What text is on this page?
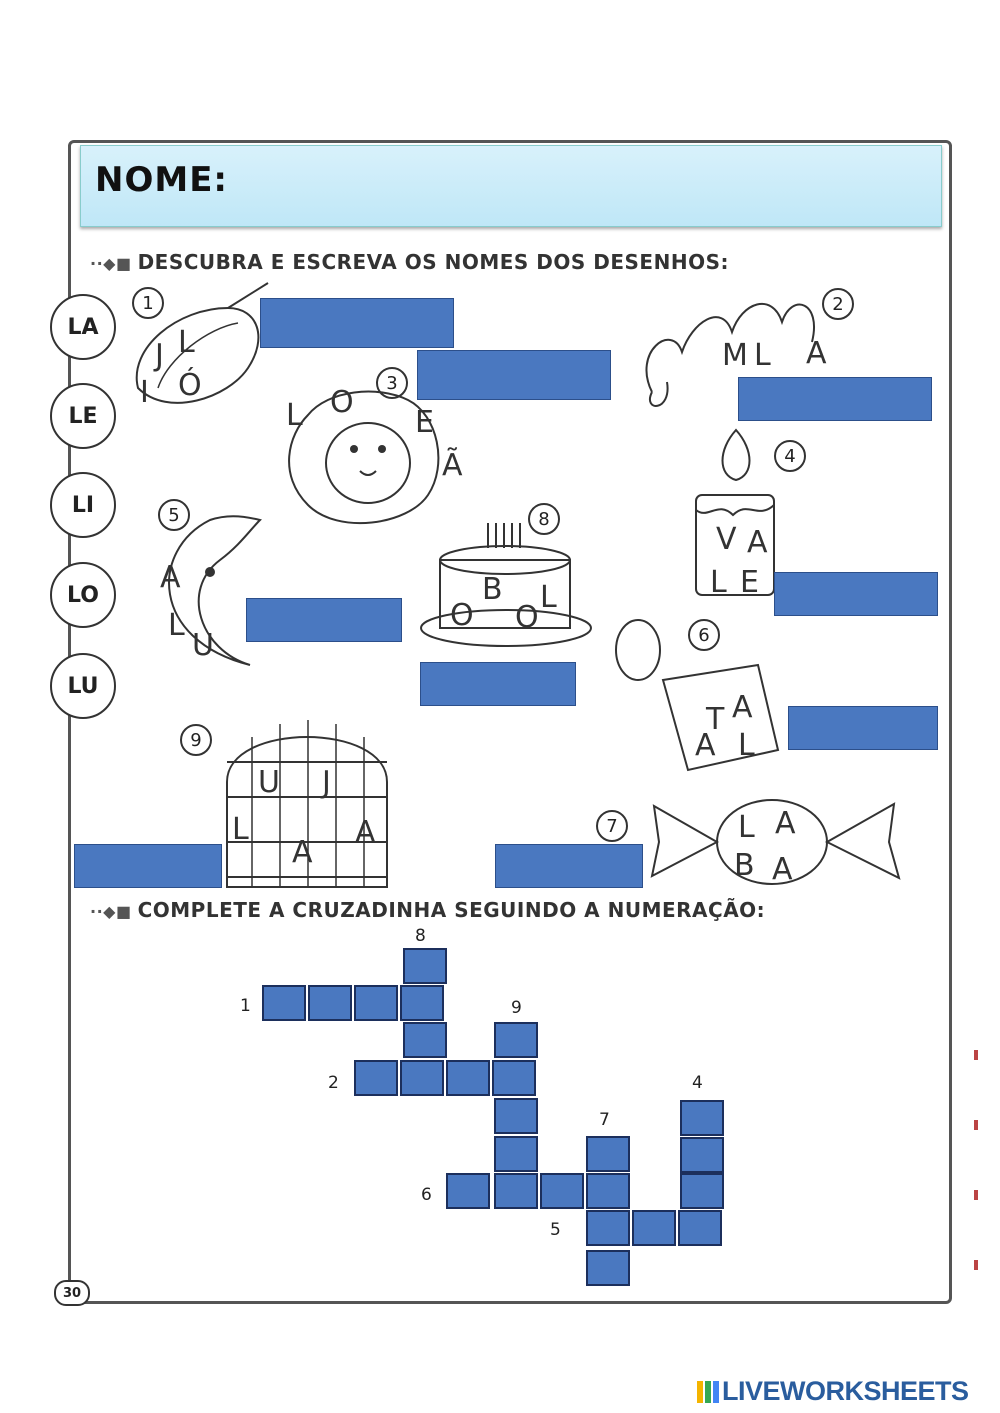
NOME:
··◆■ DESCUBRA E ESCREVA OS NOMES DOS DESENHOS:
LA
LE
LI
LO
LU
1
J L
I Ó	3
L O
E
Ã
2
M L A
4
V A
L E
5
A
L
U
8
O
B
O
L
6
T A
A L
9
U J
L
A
A	7	L A
B A
··◆■ COMPLETE A CRUZADINHA SEGUINDO A NUMERAÇÃO:
8
1	9
2	4
7
6
5
30
LIVEWORKSHEETS
